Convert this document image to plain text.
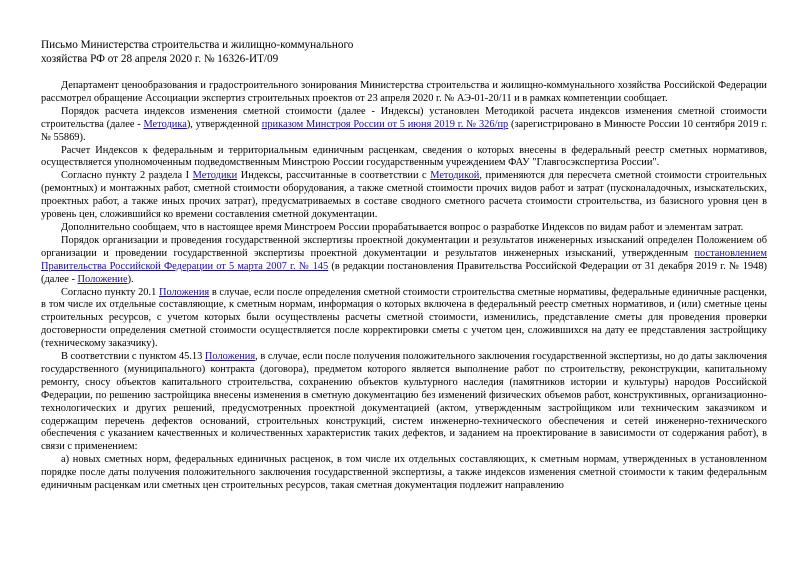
Письмо Министерства строительства и жилищно-коммунального
хозяйства РФ от 28 апреля 2020 г. № 16326-ИТ/09

Департамент ценообразования и градостроительного зонирования Министерства строительства и жилищно-коммунального хозяйства Российской Федерации рассмотрел обращение Ассоциации экспертиз строительных проектов от 23 апреля 2020 г. № АЭ-01-20/11 и в рамках компетенции сообщает.

Порядок расчета индексов изменения сметной стоимости (далее - Индексы) установлен Методикой расчета индексов изменения сметной стоимости строительства (далее - Методика), утвержденной приказом Минстроя России от 5 июня 2019 г. № 326/пр (зарегистрировано в Минюсте России 10 сентября 2019 г. № 55869).

Расчет Индексов к федеральным и территориальным единичным расценкам, сведения о которых внесены в федеральный реестр сметных нормативов, осуществляется уполномоченным подведомственным Минстрою России государственным учреждением ФАУ "Главгосэкспертиза России".

Согласно пункту 2 раздела I Методики Индексы, рассчитанные в соответствии с Методикой, применяются для пересчета сметной стоимости строительных (ремонтных) и монтажных работ, сметной стоимости оборудования, а также сметной стоимости прочих видов работ и затрат (пусконаладочных, изыскательских, проектных работ, а также иных прочих затрат), предусматриваемых в составе сводного сметного расчета стоимости строительства, из базисного уровня цен в уровень цен, сложившийся ко времени составления сметной документации.

Дополнительно сообщаем, что в настоящее время Минстроем России прорабатывается вопрос о разработке Индексов по видам работ и элементам затрат.

Порядок организации и проведения государственной экспертизы проектной документации и результатов инженерных изысканий определен Положением об организации и проведении государственной экспертизы проектной документации и результатов инженерных изысканий, утвержденным постановлением Правительства Российской Федерации от 5 марта 2007 г. № 145 (в редакции постановления Правительства Российской Федерации от 31 декабря 2019 г. № 1948) (далее - Положение).

Согласно пункту 20.1 Положения в случае, если после определения сметной стоимости строительства сметные нормативы, федеральные единичные расценки, в том числе их отдельные составляющие, к сметным нормам, информация о которых включена в федеральный реестр сметных нормативов, и (или) сметные цены строительных ресурсов, с учетом которых были осуществлены расчеты сметной стоимости, изменились, представление сметы для проведения проверки достоверности определения сметной стоимости осуществляется после корректировки сметы с учетом цен, сложившихся на дату ее представления застройщику (техническому заказчику).

В соответствии с пунктом 45.13 Положения, в случае, если после получения положительного заключения государственной экспертизы, но до даты заключения государственного (муниципального) контракта (договора), предметом которого является выполнение работ по строительству, реконструкции, капитальному ремонту, сносу объектов капитального строительства, сохранению объектов культурного наследия (памятников истории и культуры) народов Российской Федерации, по решению застройщика внесены изменения в сметную документацию без изменений физических объемов работ, конструктивных, организационно-технологических и других решений, предусмотренных проектной документацией (актом, утвержденным застройщиком или техническим заказчиком и содержащим перечень дефектов оснований, строительных конструкций, систем инженерно-технического обеспечения и сетей инженерно-технического обеспечения с указанием качественных и количественных характеристик таких дефектов, и заданием на проектирование в зависимости от содержания работ), в связи с применением:

а) новых сметных норм, федеральных единичных расценок, в том числе их отдельных составляющих, к сметным нормам, утвержденных в установленном порядке после даты получения положительного заключения государственной экспертизы, а также индексов изменения сметной стоимости к таким федеральным единичным расценкам или сметных цен строительных ресурсов, такая сметная документация подлежит направлению
